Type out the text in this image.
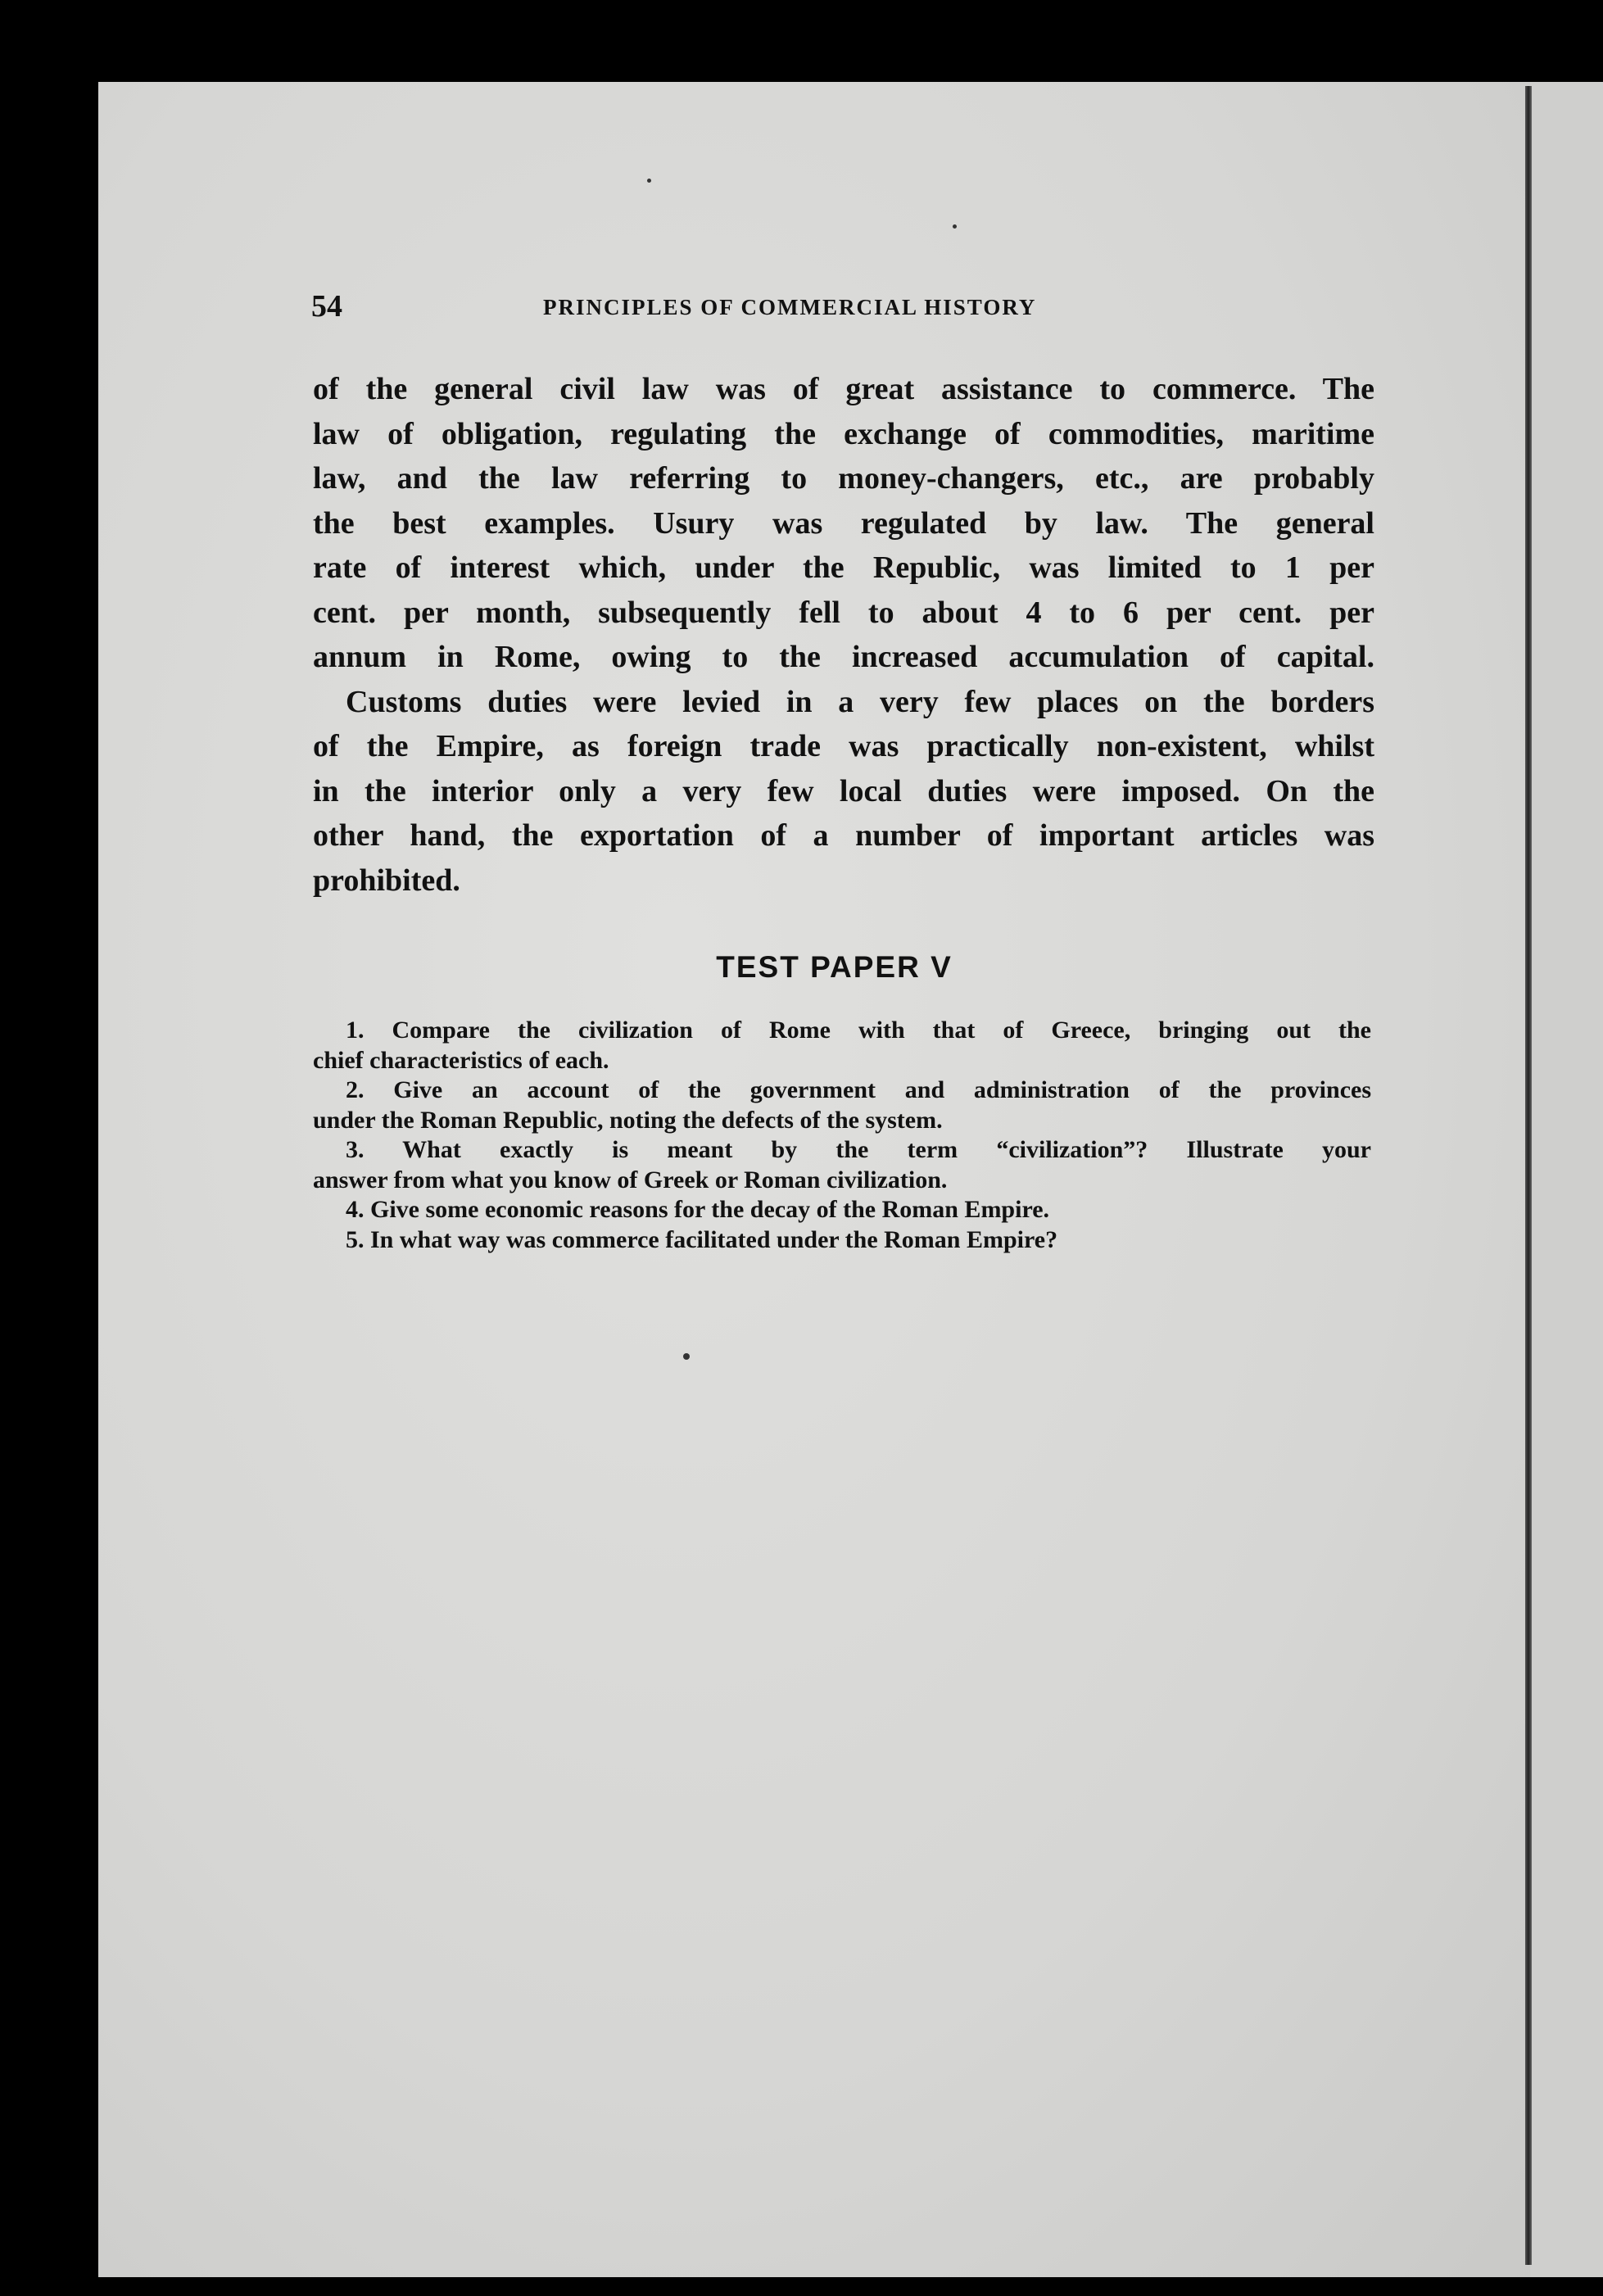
54	PRINCIPLES OF COMMERCIAL HISTORY
of the general civil law was of great assistance to commerce. The
law of obligation, regulating the exchange of commodities, maritime
law, and the law referring to money-changers, etc., are probably
the best examples. Usury was regulated by law. The general
rate of interest which, under the Republic, was limited to 1 per
cent. per month, subsequently fell to about 4 to 6 per cent. per
annum in Rome, owing to the increased accumulation of capital.
Customs duties were levied in a very few places on the borders
of the Empire, as foreign trade was practically non-existent, whilst
in the interior only a very few local duties were imposed. On the
other hand, the exportation of a number of important articles was
prohibited.
TEST PAPER V
1. Compare the civilization of Rome with that of Greece, bringing out the
chief characteristics of each.
2. Give an account of the government and administration of the provinces
under the Roman Republic, noting the defects of the system.
3. What exactly is meant by the term “civilization”? Illustrate your
answer from what you know of Greek or Roman civilization.
4. Give some economic reasons for the decay of the Roman Empire.
5. In what way was commerce facilitated under the Roman Empire?
